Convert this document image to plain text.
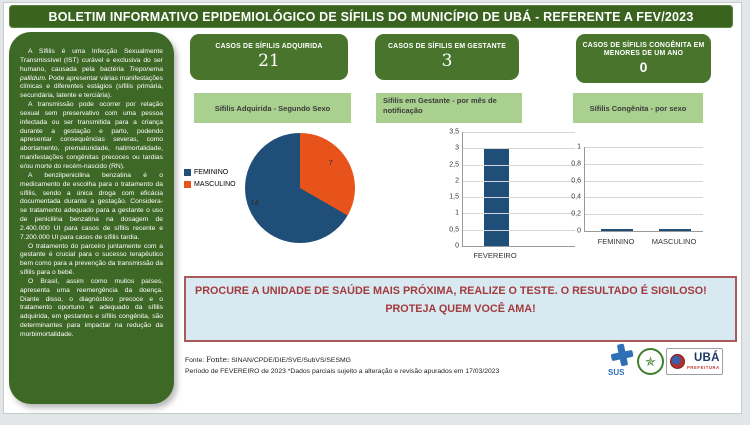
BOLETIM INFORMATIVO EPIDEMIOLÓGICO DE SÍFILIS DO MUNICÍPIO DE UBÁ - REFERENTE A FEV/2023

A Sífilis é uma Infecção Sexualmente Transmissível (IST) curável e exclusiva do ser humano, causada pela bactéria Treponema pallidum. Pode apresentar várias manifestações clínicas e diferentes estágios (sífilis primária, secundária, latente e terciária).

A transmissão pode ocorrer por relação sexual sem preservativo com uma pessoa infectada ou ser transmitida para a criança durante a gestação e parto, podendo apresentar consequências severas, como abortamento, prematuridade, natimortalidade, manifestações congênitas precoces ou tardias e/ou morte do recém-nascido (RN).

A benzilpenicilina benzatina é o medicamento de escolha para o tratamento da sífilis, sendo a única droga com eficácia documentada durante a gestação. Considera-se tratamento adequado para a gestante o uso de penicilina benzatina na dosagem de 2.400.000 UI para casos de sífilis recente e 7.200.000 UI para casos de sífilis tardia.

O tratamento do parceiro juntamente com a gestante é crucial para o sucesso terapêutico bem como para a prevenção da transmissão da sífilis para o bebê.

O Brasil, assim como muitos países, apresenta uma reemergência da doença. Diante disso, o diagnóstico precoce e o tratamento oportuno e adequado da sífilis adquirida, em gestantes e sífilis congênita, são determinantes para impactar na redução da morbimortalidade.

CASOS DE SÍFILIS ADQUIRIDA
21
CASOS DE SÍFILIS EM GESTANTE
3
CASOS DE SÍFILIS CONGÊNITA EM MENORES DE UM ANO
0
Sífilis Adquirida - Segundo Sexo
Sífilis em Gestante - por mês de notificação	Sífilis Congênita - por sexo
FEMININO
MASCULINO
14
7
3,5
3
2,5
2
1,5
1
0,5
0
FEVEREIRO
1
0,8
0,6
0,4
0,2
0
FEMININO MASCULINO
PROCURE A UNIDADE DE SAÚDE MAIS PRÓXIMA, REALIZE O TESTE. O RESULTADO É SIGILOSO!
PROTEJA QUEM VOCÊ AMA!
Fonte: Fonte: SINAN/CPDE/DIE/SVE/SubVS/SESMG
Período de FEVEREIRO de 2023 *Dados parciais sujeito a alteração e revisão apurados em 17/03/2023	SUS
✯	UBÁ
PREFEITURA
